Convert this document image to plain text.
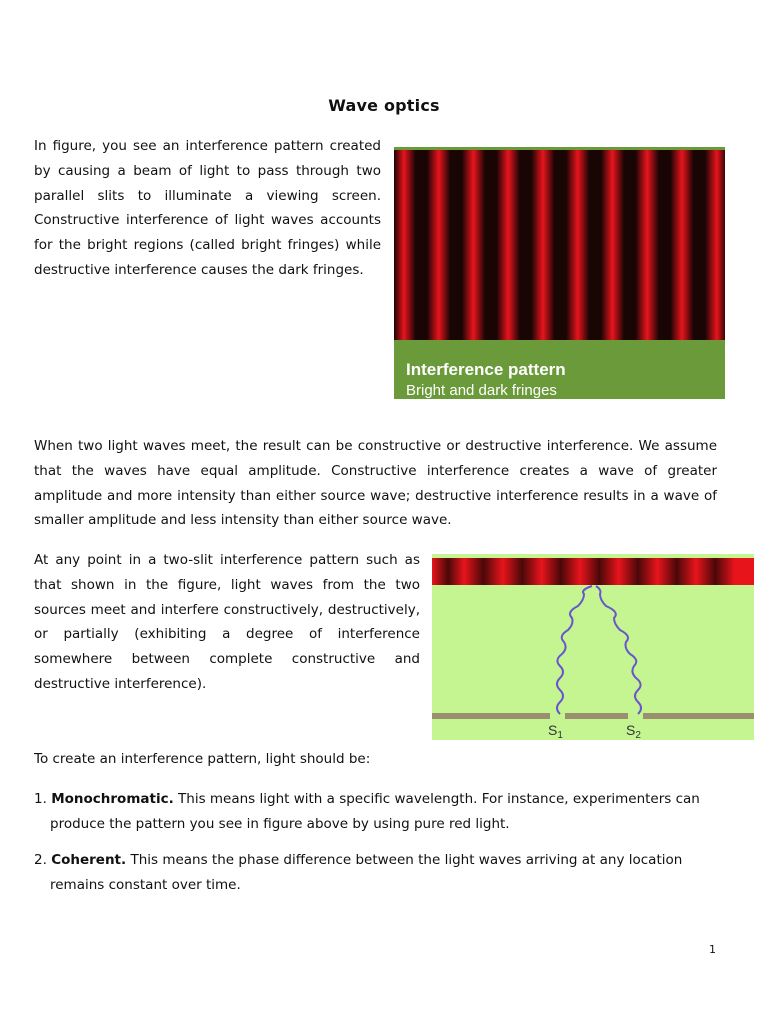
Wave optics

In figure, you see an interference pattern created by causing a beam of light to pass through two parallel slits to illuminate a viewing screen. Constructive interference of light waves accounts for the bright regions (called bright fringes) while destructive interference causes the dark fringes.

Interference pattern
Bright and dark fringes

When two light waves meet, the result can be constructive or destructive interference. We assume that the waves have equal amplitude. Constructive interference creates a wave of greater amplitude and more intensity than either source wave; destructive interference results in a wave of smaller amplitude and less intensity than either source wave.

At any point in a two-slit interference pattern such as that shown in the figure, light waves from the two sources meet and interfere constructively, destructively, or partially (exhibiting a degree of interference somewhere between complete constructive and destructive interference).

$S_1$	$S_2$

To create an interference pattern, light should be:

1. Monochromatic. This means light with a specific wavelength. For instance, experimenters can
produce the pattern you see in figure above by using pure red light.

2. Coherent. This means the phase difference between the light waves arriving at any location
remains constant over time.

1
